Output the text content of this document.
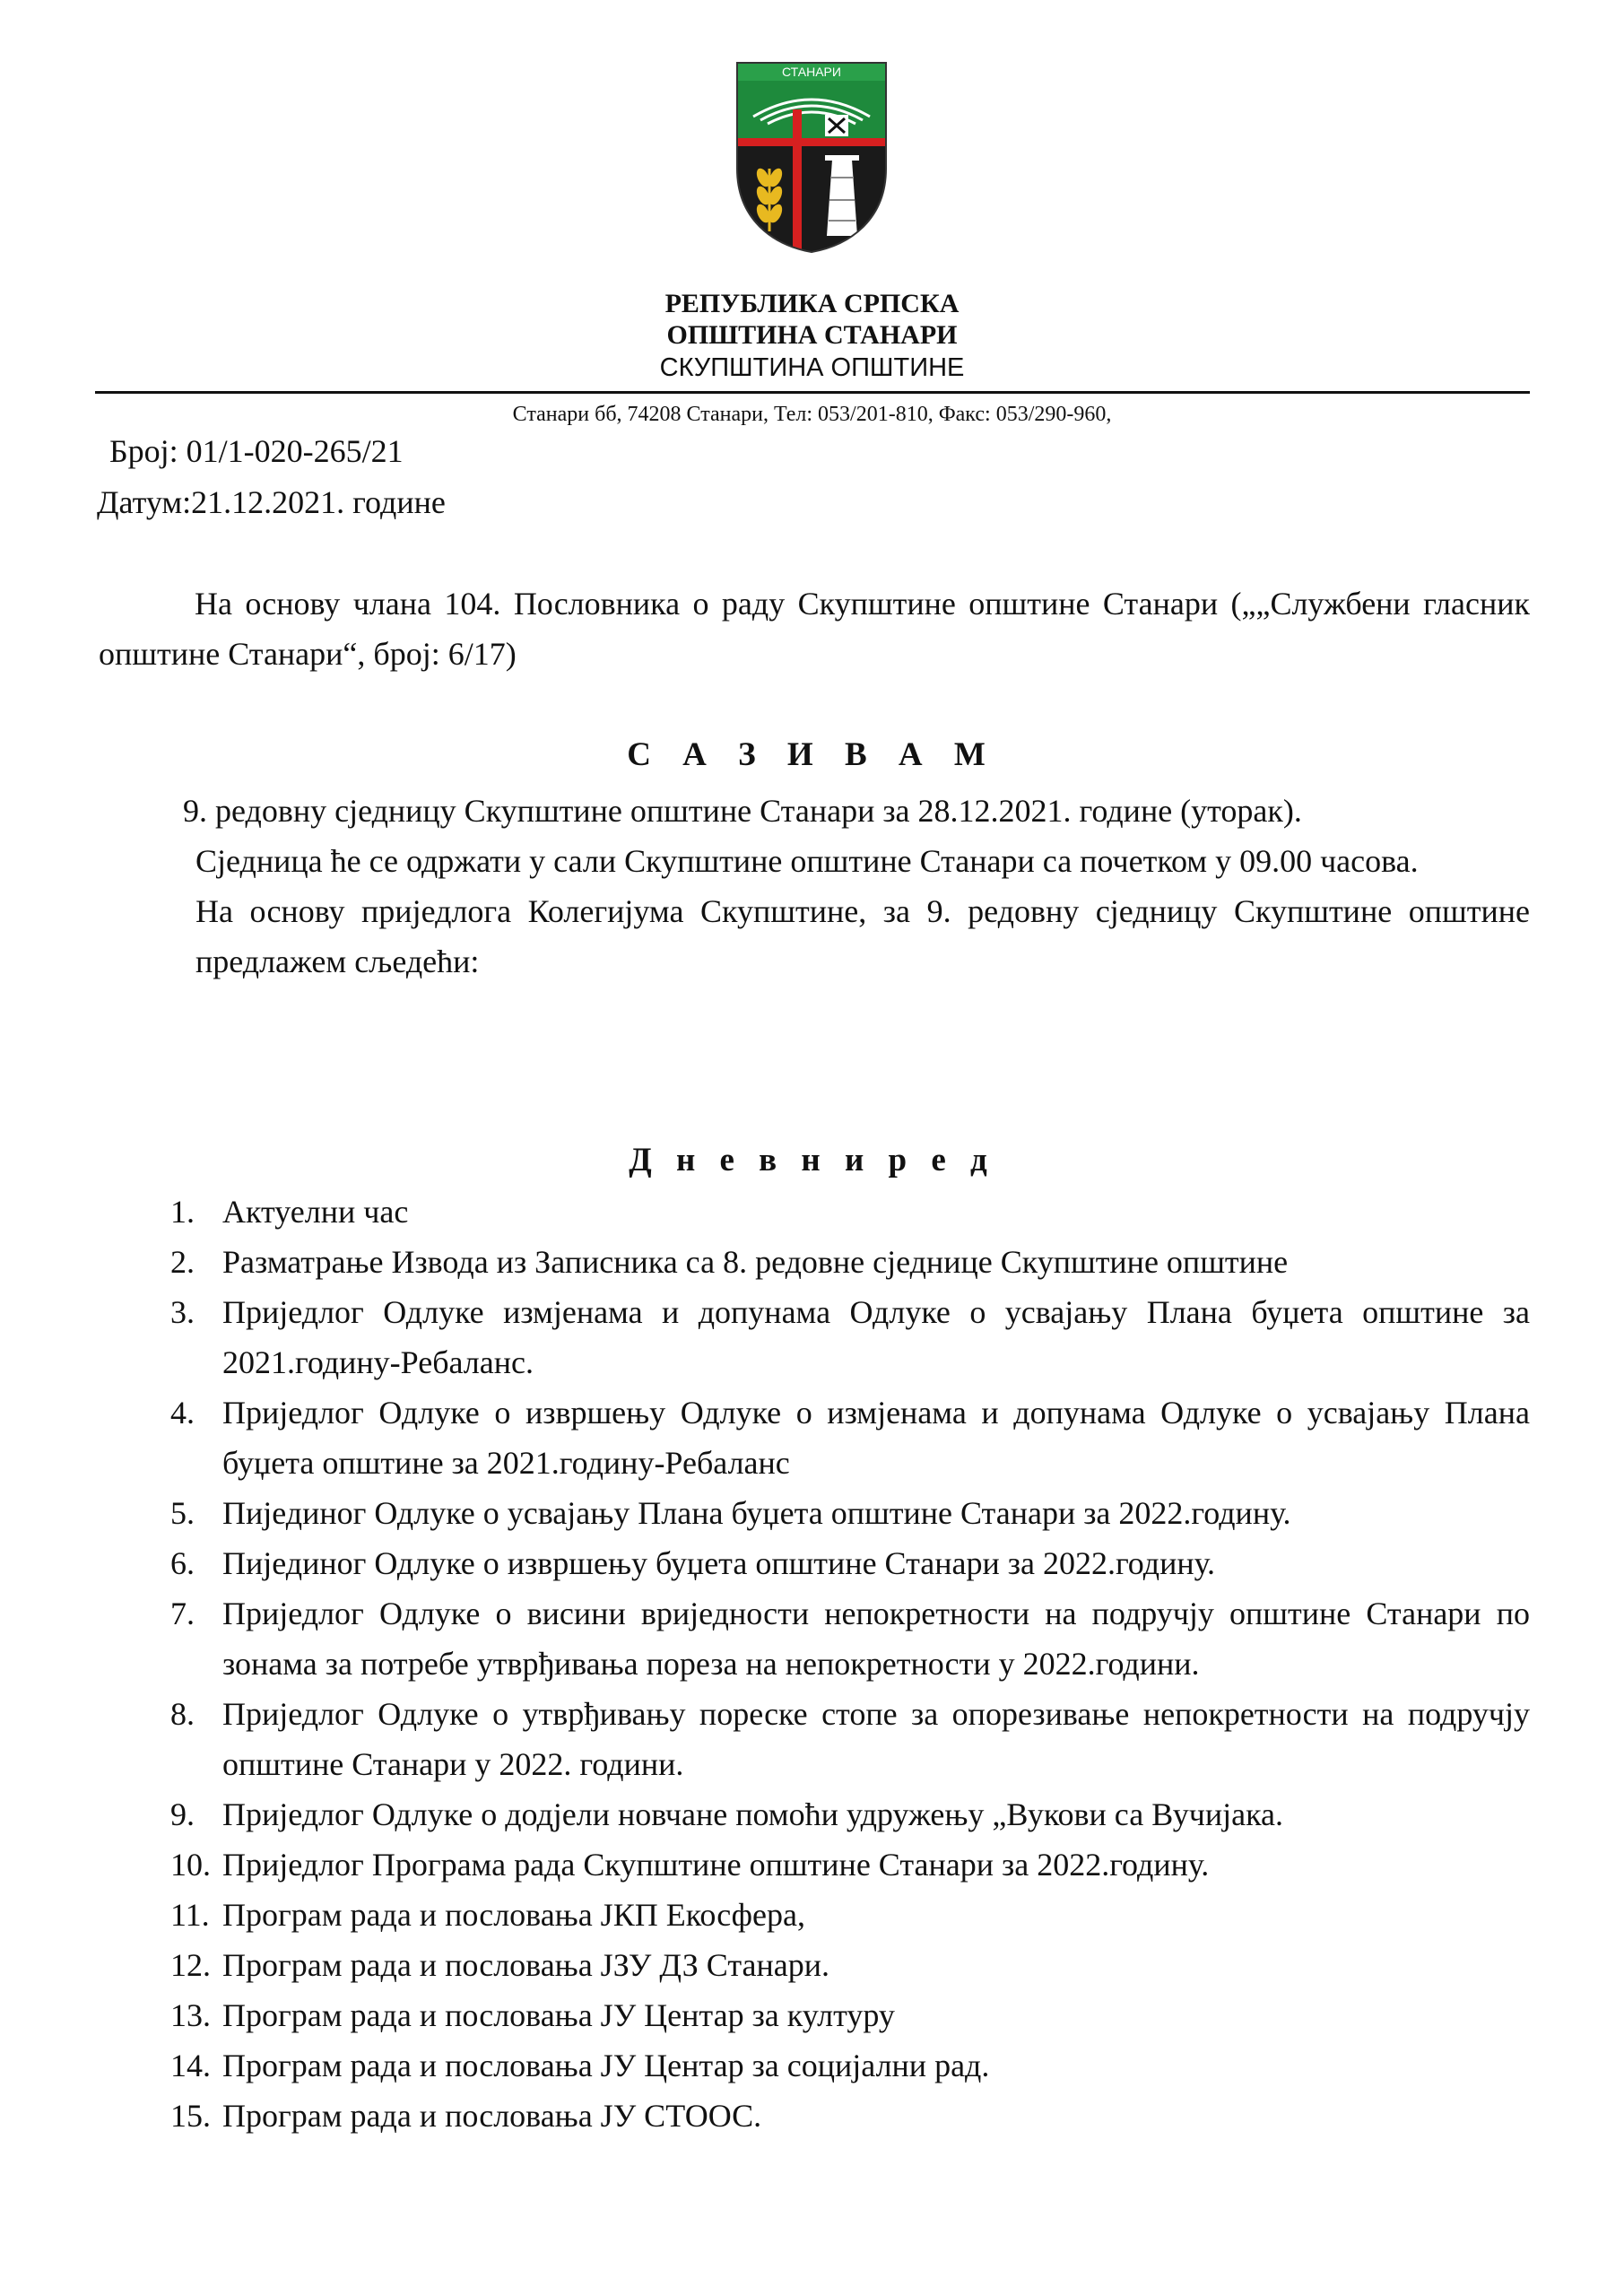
СТАНАРИ
РЕПУБЛИКА СРПСКА
ОПШТИНА СТАНАРИ
СКУПШТИНА ОПШТИНЕ
Станари бб, 74208 Станари, Тел: 053/201-810, Факс: 053/290-960,
Број: 01/1-020-265/21
Датум:21.12.2021. године
На основу члана 104. Пословника о раду Скупштине општине Станари („„Службени гласник општине Станари“, број: 6/17)
С А З И В А М

9. редовну сједницу Скупштине општине Станари за 28.12.2021. године (уторак).

Сједница ће се одржати у сали Скупштине општине Станари са почетком у 09.00 часова.

На основу приједлога Колегијума Скупштине, за 9. редовну сједницу Скупштине општине предлажем сљедећи:

Д н е в н и р е д
1. Актуелни час
2. Разматрање Извода из Записника са 8. редовне сједнице Скупштине општине
3. Приједлог Одлуке измјенама и допунама Одлуке о усвајању Плана буџета општине за 2021.годину-Ребаланс.
4. Приједлог Одлуке о извршењу Одлуке о измјенама и допунама Одлуке о усвајању Плана буџета општине за 2021.годину-Ребаланс
5. Пијединог Одлуке о усвајању Плана буџета општине Станари за 2022.годину.
6. Пијединог Одлуке о извршењу буџета општине Станари за 2022.годину.
7. Приједлог Одлуке о висини вриједности непокретности на подручју општине Станари по зонама за потребе утврђивања пореза на непокретности у 2022.години.
8. Приједлог Одлуке о утврђивању пореске стопе за опорезивање непокретности на подручју општине Станари у 2022. години.
9. Приједлог Одлуке о додјели новчане помоћи удружењу „Вукови са Вучијака.
10. Приједлог Програма рада Скупштине општине Станари за 2022.годину.
11. Програм рада и пословања ЈКП Екосфера,
12. Програм рада и пословања ЈЗУ ДЗ Станари.
13. Програм рада и пословања ЈУ Центар за културу
14. Програм рада и пословања ЈУ Центар за социјални рад.
15. Програм рада и пословања ЈУ СТООС.
